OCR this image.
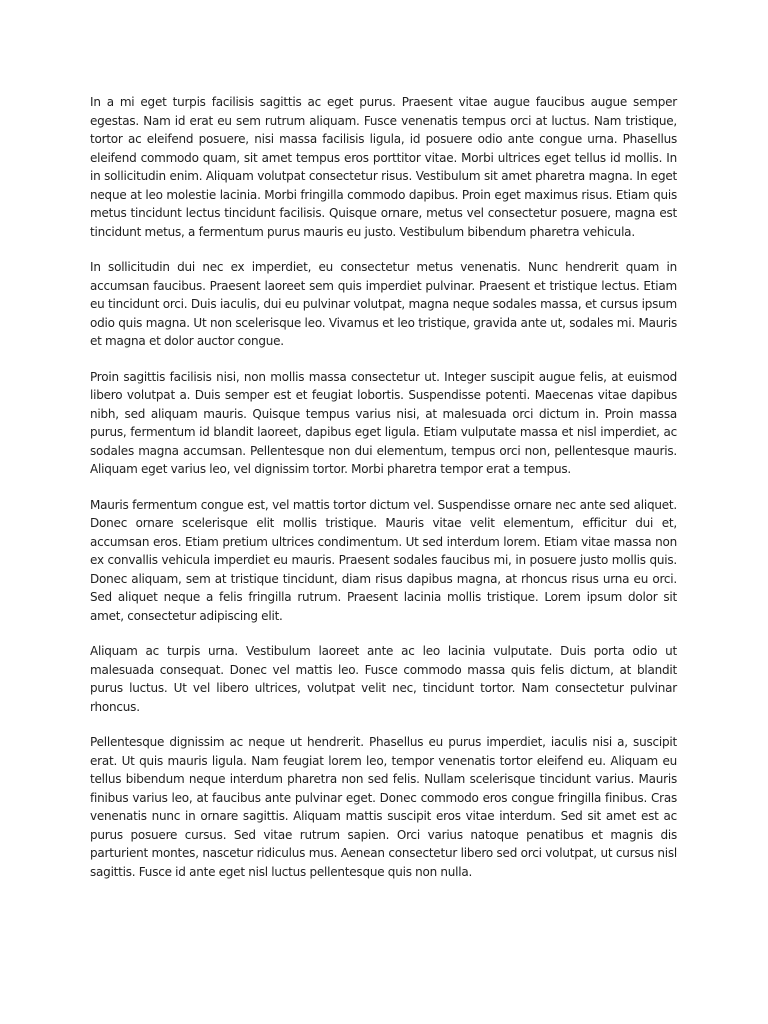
In a mi eget turpis facilisis sagittis ac eget purus. Praesent vitae augue faucibus augue semper egestas. Nam id erat eu sem rutrum aliquam. Fusce venenatis tempus orci at luctus. Nam tristique, tortor ac eleifend posuere, nisi massa facilisis ligula, id posuere odio ante congue urna. Phasellus eleifend commodo quam, sit amet tempus eros porttitor vitae. Morbi ultrices eget tellus id mollis. In in sollicitudin enim. Aliquam volutpat consectetur risus. Vestibulum sit amet pharetra magna. In eget neque at leo molestie lacinia. Morbi fringilla commodo dapibus. Proin eget maximus risus. Etiam quis metus tincidunt lectus tincidunt facilisis. Quisque ornare, metus vel consectetur posuere, magna est tincidunt metus, a fermentum purus mauris eu justo. Vestibulum bibendum pharetra vehicula.

In sollicitudin dui nec ex imperdiet, eu consectetur metus venenatis. Nunc hendrerit quam in accumsan faucibus. Praesent laoreet sem quis imperdiet pulvinar. Praesent et tristique lectus. Etiam eu tincidunt orci. Duis iaculis, dui eu pulvinar volutpat, magna neque sodales massa, et cursus ipsum odio quis magna. Ut non scelerisque leo. Vivamus et leo tristique, gravida ante ut, sodales mi. Mauris et magna et dolor auctor congue.

Proin sagittis facilisis nisi, non mollis massa consectetur ut. Integer suscipit augue felis, at euismod libero volutpat a. Duis semper est et feugiat lobortis. Suspendisse potenti. Maecenas vitae dapibus nibh, sed aliquam mauris. Quisque tempus varius nisi, at malesuada orci dictum in. Proin massa purus, fermentum id blandit laoreet, dapibus eget ligula. Etiam vulputate massa et nisl imperdiet, ac sodales magna accumsan. Pellentesque non dui elementum, tempus orci non, pellentesque mauris. Aliquam eget varius leo, vel dignissim tortor. Morbi pharetra tempor erat a tempus.

Mauris fermentum congue est, vel mattis tortor dictum vel. Suspendisse ornare nec ante sed aliquet. Donec ornare scelerisque elit mollis tristique. Mauris vitae velit elementum, efficitur dui et, accumsan eros. Etiam pretium ultrices condimentum. Ut sed interdum lorem. Etiam vitae massa non ex convallis vehicula imperdiet eu mauris. Praesent sodales faucibus mi, in posuere justo mollis quis. Donec aliquam, sem at tristique tincidunt, diam risus dapibus magna, at rhoncus risus urna eu orci. Sed aliquet neque a felis fringilla rutrum. Praesent lacinia mollis tristique. Lorem ipsum dolor sit amet, consectetur adipiscing elit.

Aliquam ac turpis urna. Vestibulum laoreet ante ac leo lacinia vulputate. Duis porta odio ut malesuada consequat. Donec vel mattis leo. Fusce commodo massa quis felis dictum, at blandit purus luctus. Ut vel libero ultrices, volutpat velit nec, tincidunt tortor. Nam consectetur pulvinar rhoncus.

Pellentesque dignissim ac neque ut hendrerit. Phasellus eu purus imperdiet, iaculis nisi a, suscipit erat. Ut quis mauris ligula. Nam feugiat lorem leo, tempor venenatis tortor eleifend eu. Aliquam eu tellus bibendum neque interdum pharetra non sed felis. Nullam scelerisque tincidunt varius. Mauris finibus varius leo, at faucibus ante pulvinar eget. Donec commodo eros congue fringilla finibus. Cras venenatis nunc in ornare sagittis. Aliquam mattis suscipit eros vitae interdum. Sed sit amet est ac purus posuere cursus. Sed vitae rutrum sapien. Orci varius natoque penatibus et magnis dis parturient montes, nascetur ridiculus mus. Aenean consectetur libero sed orci volutpat, ut cursus nisl sagittis. Fusce id ante eget nisl luctus pellentesque quis non nulla.
